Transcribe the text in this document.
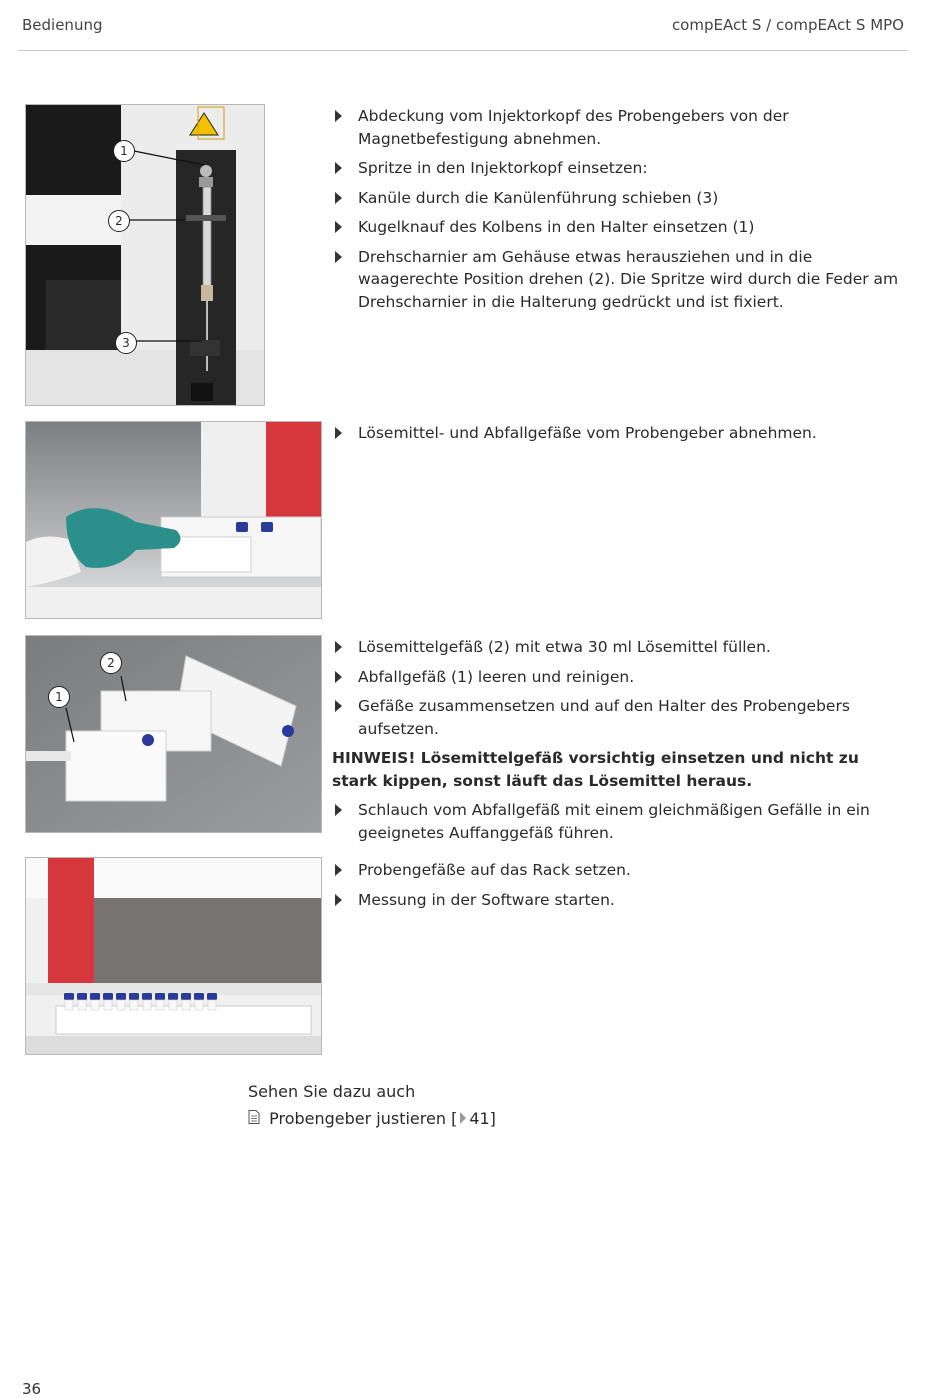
Bedienung	compEAct S / compEAct S MPO
1
2
3
Abdeckung vom Injektorkopf des Probengebers von der Magnetbefestigung abnehmen.
Spritze in den Injektorkopf einsetzen:
Kanüle durch die Kanülenführung schieben (3)
Kugelknauf des Kolbens in den Halter einsetzen (1)
Drehscharnier am Gehäuse etwas herausziehen und in die waagerechte Position drehen (2). Die Spritze wird durch die Feder am Drehscharnier in die Halterung gedrückt und ist fixiert.
Lösemittel- und Abfallgefäße vom Probengeber abnehmen.
2
1
Lösemittelgefäß (2) mit etwa 30 ml Lösemittel füllen.
Abfallgefäß (1) leeren und reinigen.
Gefäße zusammensetzen und auf den Halter des Probengebers aufsetzen.
HINWEIS! Lösemittelgefäß vorsichtig einsetzen und nicht zu stark kippen, sonst läuft das Lösemittel heraus.
Schlauch vom Abfallgefäß mit einem gleichmäßigen Gefälle in ein geeignetes Auffanggefäß führen.
Probengefäße auf das Rack setzen.
Messung in der Software starten.
Sehen Sie dazu auch
Probengeber justieren [ 41]
36
